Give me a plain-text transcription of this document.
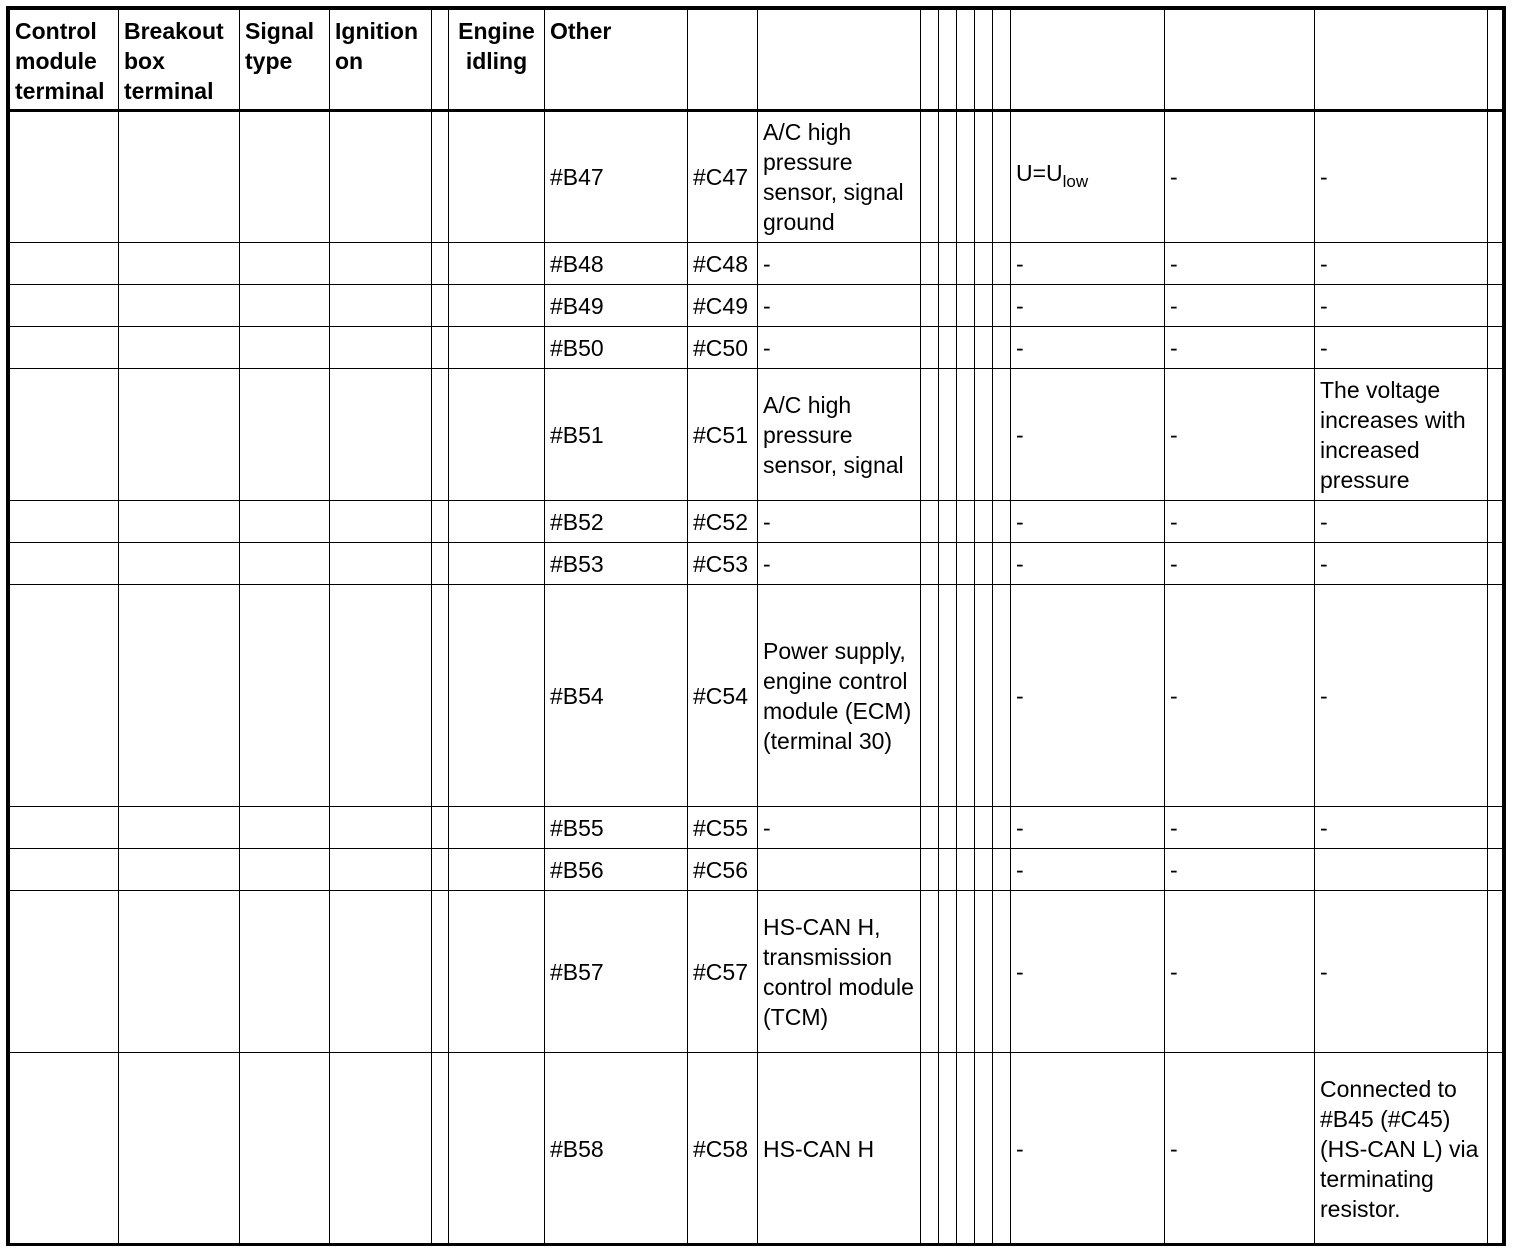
Control module terminal	Breakout box terminal	Signal type	Ignition on		Engine idling	Other											
						#B47	#C47	A/C high pressure sensor, signal ground						$U=U_{low}$	-	-	
						#B48	#C48	-						-	-	-	
						#B49	#C49	-						-	-	-	
						#B50	#C50	-						-	-	-	
						#B51	#C51	A/C high pressure sensor, signal						-	-	The voltage increases with increased pressure	
						#B52	#C52	-						-	-	-	
						#B53	#C53	-						-	-	-	
						#B54	#C54	Power supply, engine control module (ECM) (terminal 30)						-	-	-	
						#B55	#C55	-						-	-	-	
						#B56	#C56							-	-		
						#B57	#C57	HS-CAN H, transmission control module (TCM)						-	-	-	
						#B58	#C58	HS-CAN H						-	-	Connected to #B45 (#C45) (HS-CAN L) via terminating resistor.	
